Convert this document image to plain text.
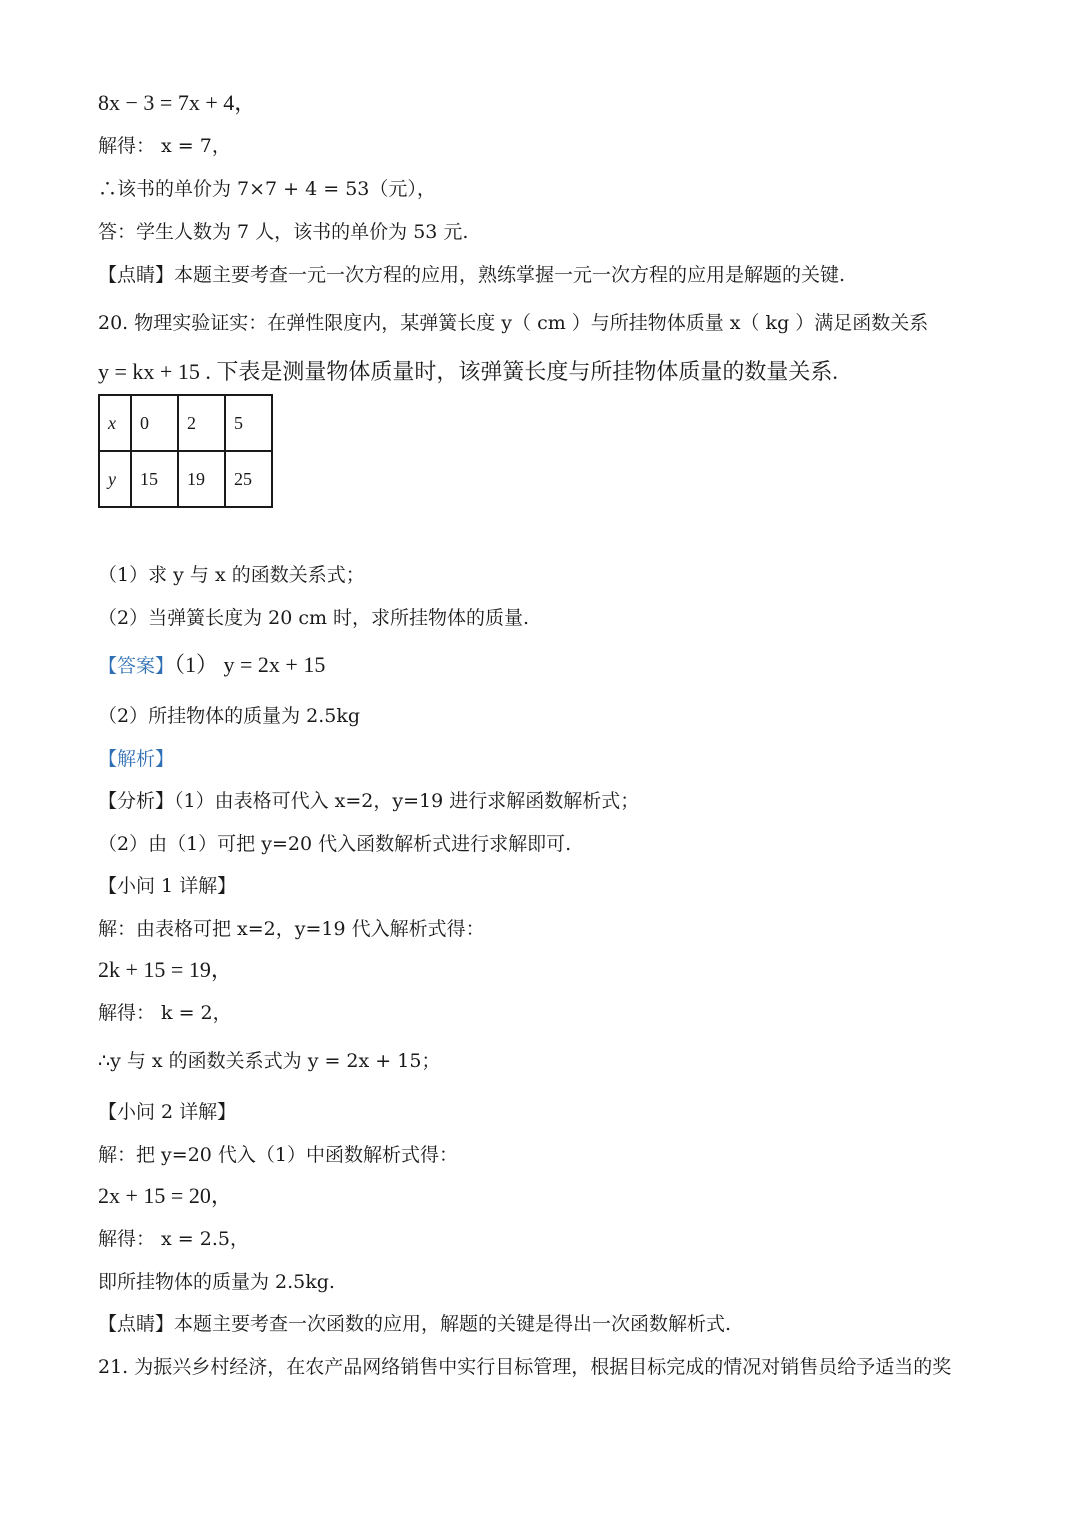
8x − 3 = 7x + 4，
解得： x = 7，
∴该书的单价为 7×7 + 4 = 53（元），
答：学生人数为 7 人，该书的单价为 53 元.
【点睛】本题主要考查一元一次方程的应用，熟练掌握一元一次方程的应用是解题的关键.
20. 物理实验证实：在弹性限度内，某弹簧长度 y（ cm ）与所挂物体质量 x（ kg ）满足函数关系
y = kx + 15 . 下表是测量物体质量时，该弹簧长度与所挂物体质量的数量关系.
x	0	2	5
y	15	19	25
（1）求 y 与 x 的函数关系式；
（2）当弹簧长度为 20 cm 时，求所挂物体的质量.
【答案】（1） y = 2x + 15
（2）所挂物体的质量为 2.5kg
【解析】
【分析】（1）由表格可代入 x=2，y=19 进行求解函数解析式；
（2）由（1）可把 y=20 代入函数解析式进行求解即可.
【小问 1 详解】
解：由表格可把 x=2，y=19 代入解析式得：
2k + 15 = 19，
解得： k = 2，
∴y 与 x 的函数关系式为 y = 2x + 15；
【小问 2 详解】
解：把 y=20 代入（1）中函数解析式得：
2x + 15 = 20，
解得： x = 2.5，
即所挂物体的质量为 2.5kg.
【点睛】本题主要考查一次函数的应用，解题的关键是得出一次函数解析式.
21. 为振兴乡村经济，在农产品网络销售中实行目标管理，根据目标完成的情况对销售员给予适当的奖
